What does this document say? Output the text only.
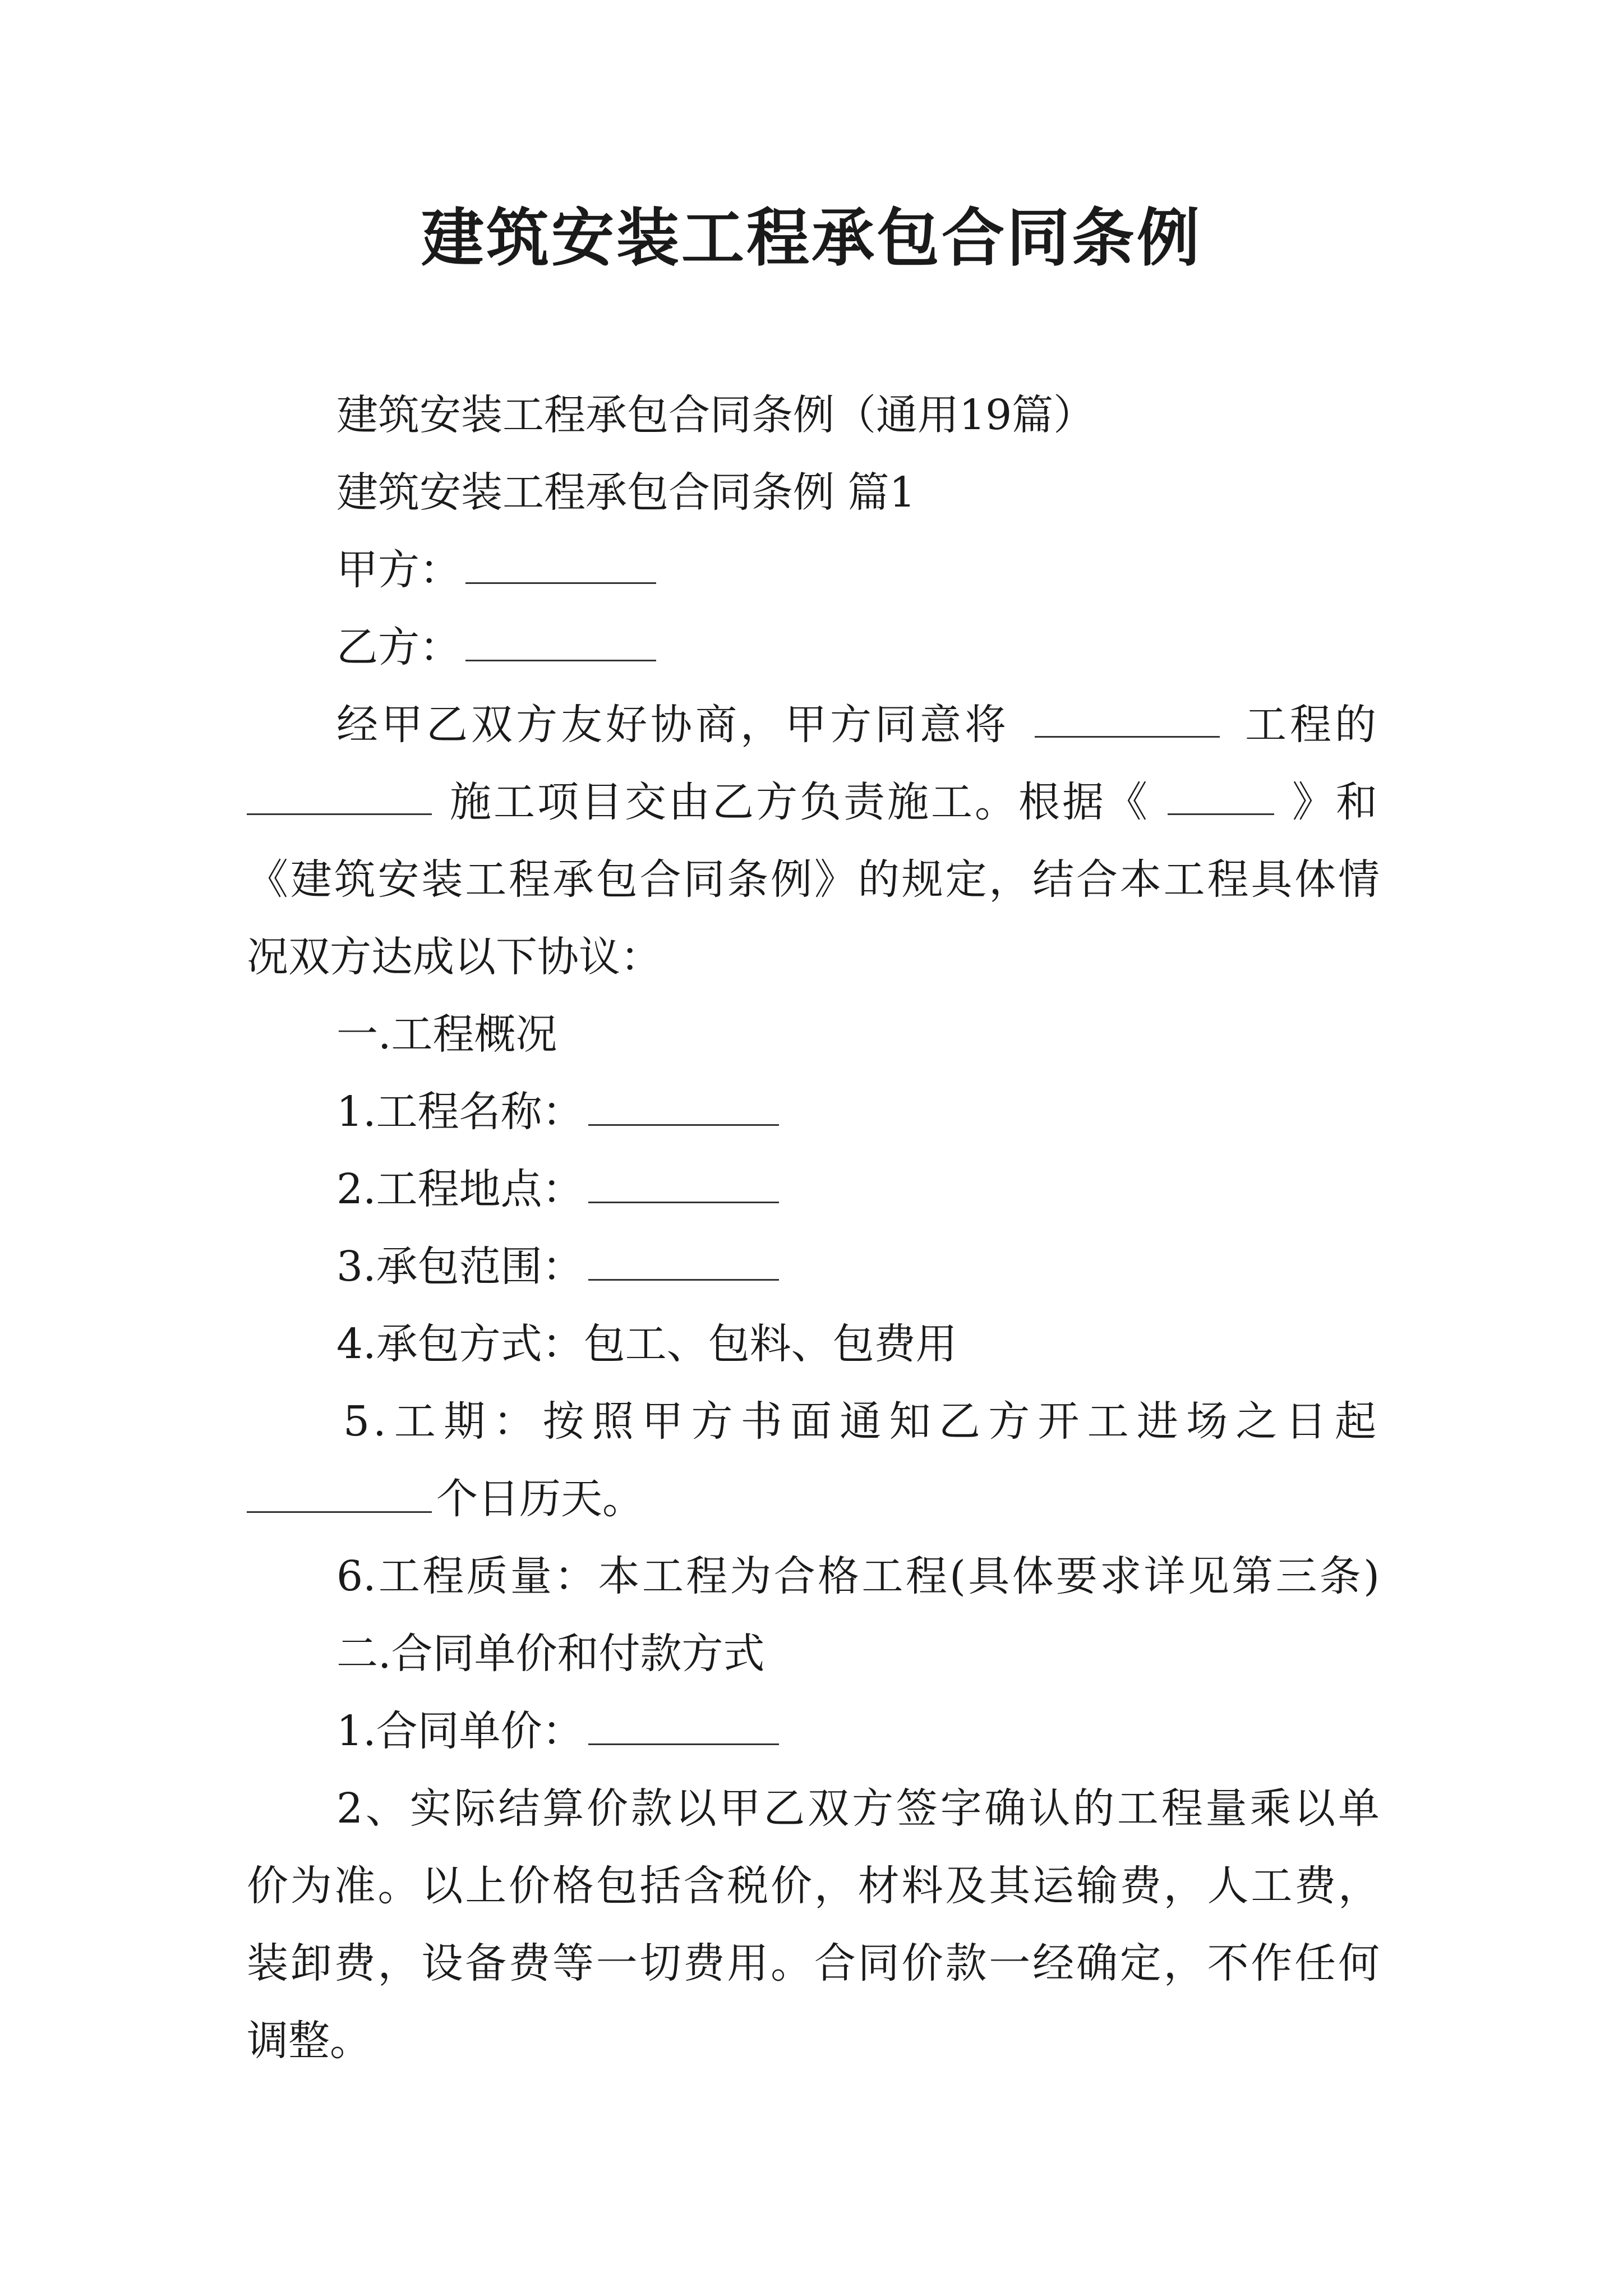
建筑安装工程承包合同条例
建筑安装工程承包合同条例（通用19篇）
建筑安装工程承包合同条例 篇1
甲方：
乙方：
经甲乙双方友好协商，甲方同意将	工程的
施工项目交由乙方负责施工。根据《	》和
《建筑安装工程承包合同条例》的规定，结合本工程具体情
况双方达成以下协议：
一.工程概况
1.工程名称：
2.工程地点：
3.承包范围：
4.承包方式：包工、包料、包费用
5.工期：按照甲方书面通知乙方开工进场之日起
个日历天。
6.工程质量：本工程为合格工程(具体要求详见第三条)
二.合同单价和付款方式
1.合同单价：
2、实际结算价款以甲乙双方签字确认的工程量乘以单
价为准。以上价格包括含税价，材料及其运输费，人工费，
装卸费，设备费等一切费用。合同价款一经确定，不作任何
调整。
